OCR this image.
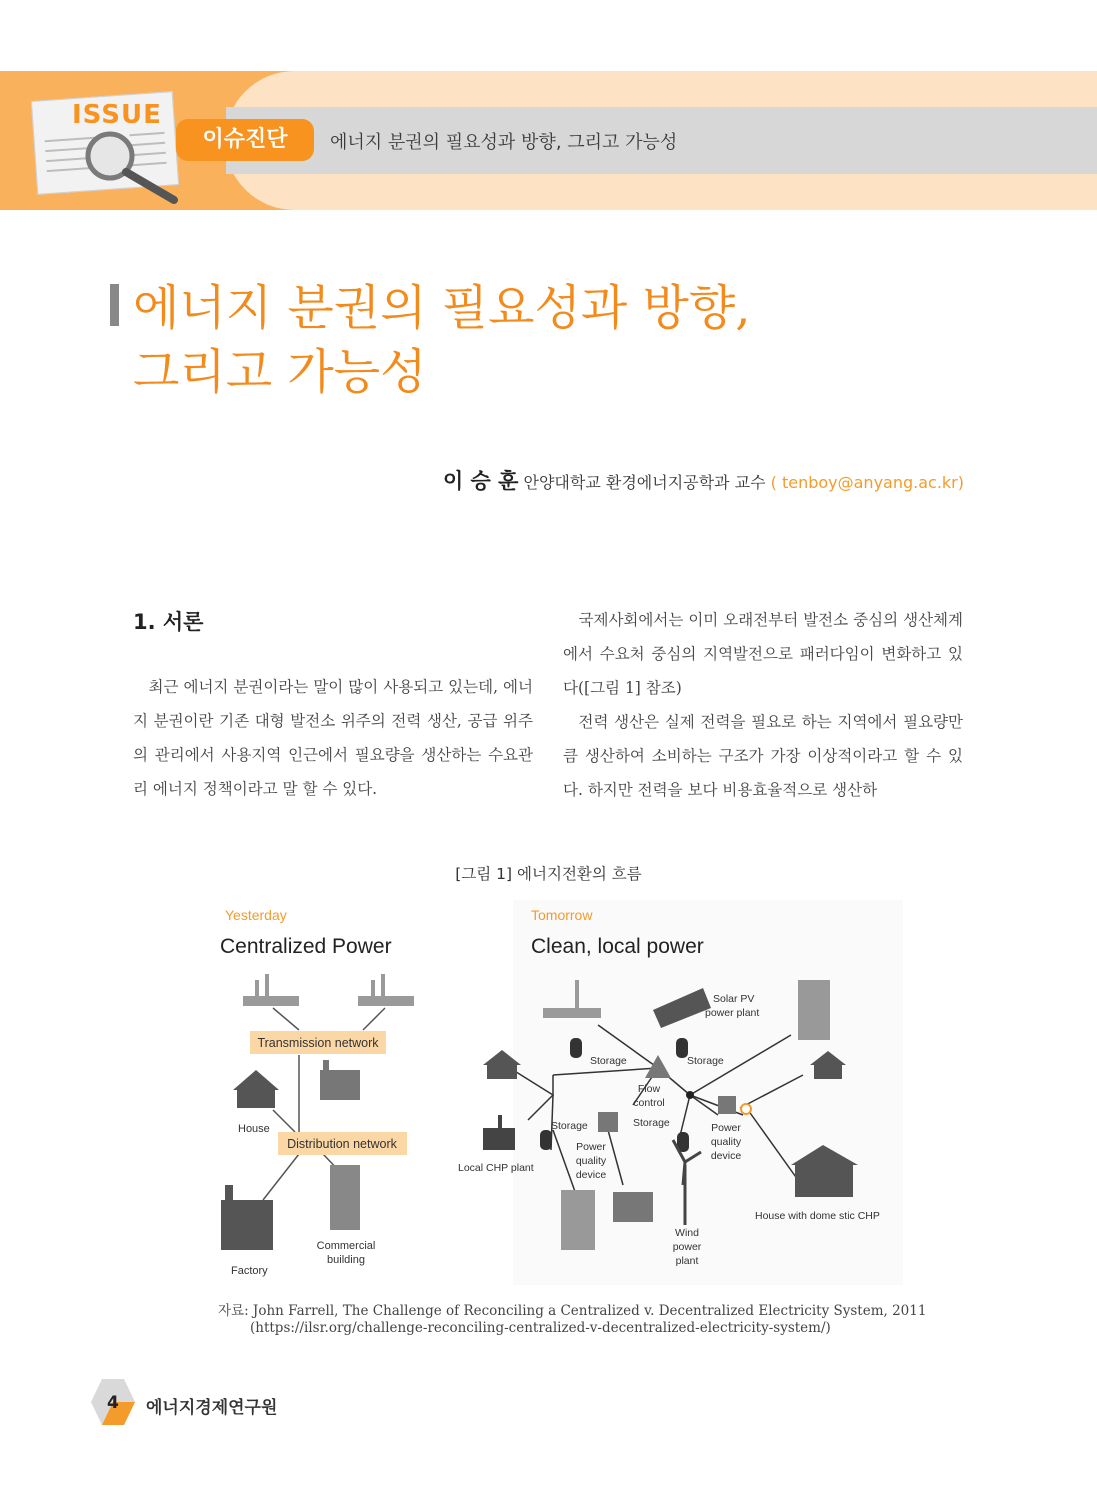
ISSUE
이슈진단	에너지 분권의 필요성과 방향, 그리고 가능성
에너지 분권의 필요성과 방향,
그리고 가능성
이 승 훈 안양대학교 환경에너지공학과 교수 ( tenboy@anyang.ac.kr)
1. 서론
최근 에너지 분권이라는 말이 많이 사용되고 있는데, 에너지 분권이란 기존 대형 발전소 위주의 전력 생산, 공급 위주의 관리에서 사용지역 인근에서 필요량을 생산하는 수요관리 에너지 정책이라고 말 할 수 있다.
국제사회에서는 이미 오래전부터 발전소 중심의 생산체계에서 수요처 중심의 지역발전으로 패러다임이 변화하고 있다([그림 1] 참조)
전력 생산은 실제 전력을 필요로 하는 지역에서 필요량만큼 생산하여 소비하는 구조가 가장 이상적이라고 할 수 있다. 하지만 전력을 보다 비용효율적으로 생산하
[그림 1] 에너지전환의 흐름
Yesterday
Centralized Power
Tomorrow
Clean, local power
Transmission network
Distribution network
House
Factory
Commercial
building
Solar PV
power plant
Storage	Storage
Flow
control
Storage
Storage
Power
quality
device
Power
quality
device
Local CHP plant
Wind
power
plant
House with dome stic CHP
자료: John Farrell, The Challenge of Reconciling a Centralized v. Decentralized Electricity System, 2011
(https://ilsr.org/challenge-reconciling-centralized-v-decentralized-electricity-system/)
4 에너지경제연구원
